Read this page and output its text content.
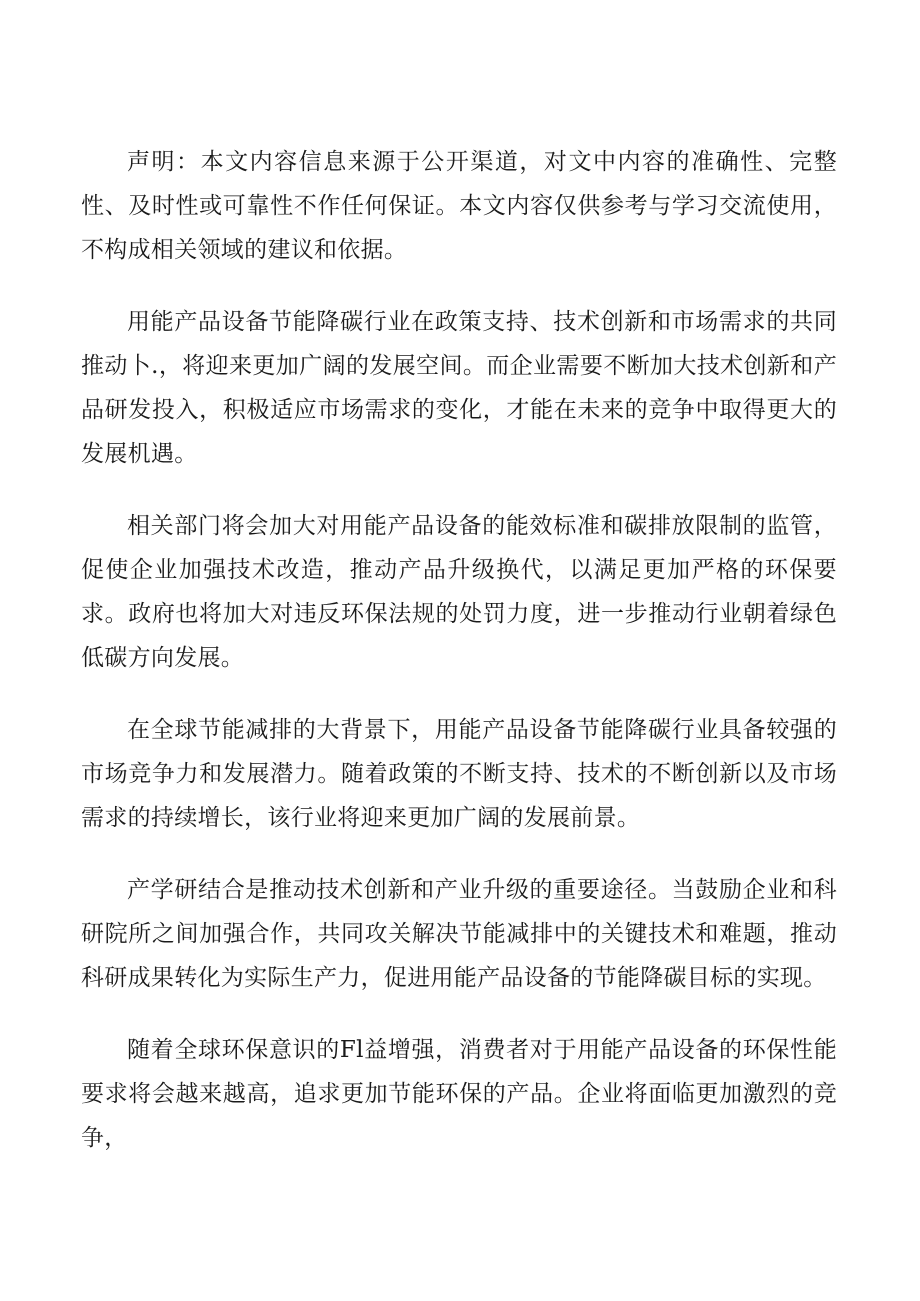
声明：本文内容信息来源于公开渠道，对文中内容的准确性、完整性、及时性或可靠性不作任何保证。本文内容仅供参考与学习交流使用，不构成相关领域的建议和依据。

用能产品设备节能降碳行业在政策支持、技术创新和市场需求的共同推动卜.，将迎来更加广阔的发展空间。而企业需要不断加大技术创新和产品研发投入，积极适应市场需求的变化，才能在未来的竞争中取得更大的发展机遇。

相关部门将会加大对用能产品设备的能效标准和碳排放限制的监管，促使企业加强技术改造，推动产品升级换代，以满足更加严格的环保要求。政府也将加大对违反环保法规的处罚力度，进一步推动行业朝着绿色低碳方向发展。

在全球节能减排的大背景下，用能产品设备节能降碳行业具备较强的市场竞争力和发展潜力。随着政策的不断支持、技术的不断创新以及市场需求的持续增长，该行业将迎来更加广阔的发展前景。

产学研结合是推动技术创新和产业升级的重要途径。当鼓励企业和科研院所之间加强合作，共同攻关解决节能减排中的关键技术和难题，推动科研成果转化为实际生产力，促进用能产品设备的节能降碳目标的实现。

随着全球环保意识的Fl益增强，消费者对于用能产品设备的环保性能要求将会越来越高，追求更加节能环保的产品。企业将面临更加激烈的竞争，
